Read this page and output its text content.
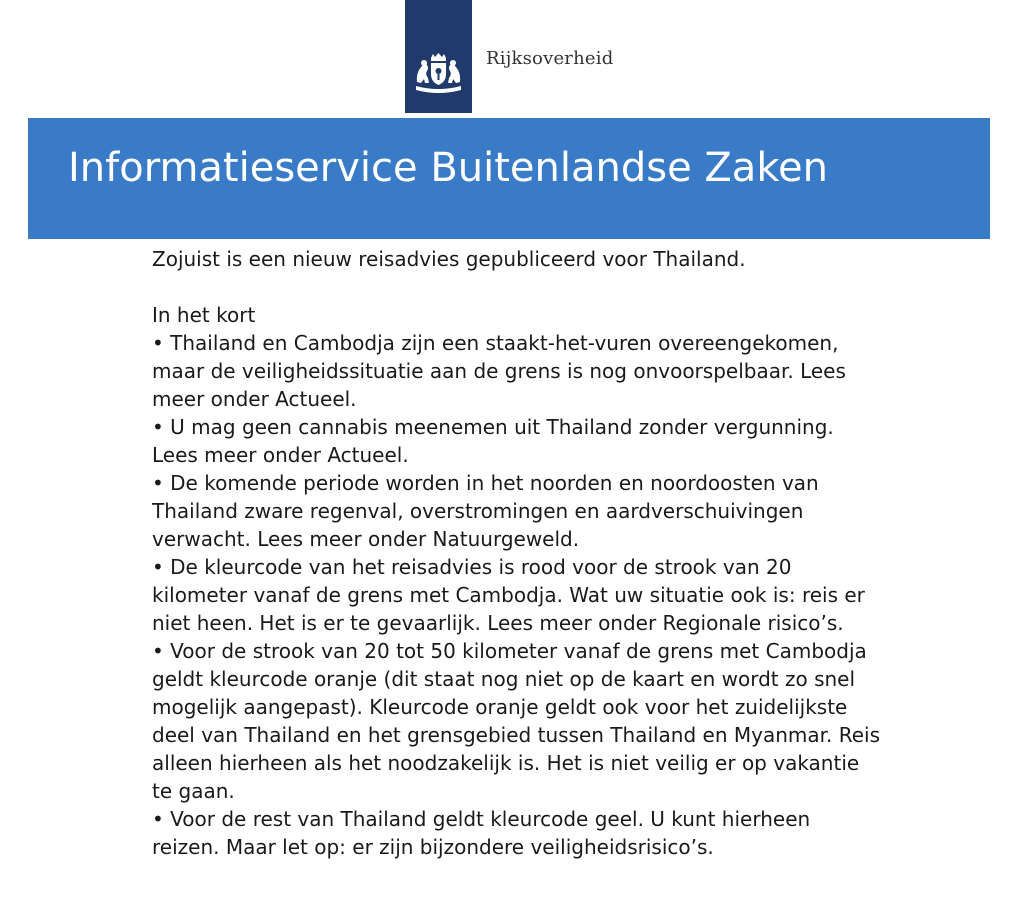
Rijksoverheid
Informatieservice Buitenlandse Zaken

Zojuist is een nieuw reisadvies gepubliceerd voor Thailand.

In het kort

• Thailand en Cambodja zijn een staakt-het-vuren overeengekomen, maar de veiligheidssituatie aan de grens is nog onvoorspelbaar. Lees meer onder Actueel.
• U mag geen cannabis meenemen uit Thailand zonder vergunning. Lees meer onder Actueel.
• De komende periode worden in het noorden en noordoosten van Thailand zware regenval, overstromingen en aardverschuivingen verwacht. Lees meer onder Natuurgeweld.
• De kleurcode van het reisadvies is rood voor de strook van 20 kilometer vanaf de grens met Cambodja. Wat uw situatie ook is: reis er niet heen. Het is er te gevaarlijk. Lees meer onder Regionale risico’s.
• Voor de strook van 20 tot 50 kilometer vanaf de grens met Cambodja geldt kleurcode oranje (dit staat nog niet op de kaart en wordt zo snel mogelijk aangepast). Kleurcode oranje geldt ook voor het zuidelijkste deel van Thailand en het grensgebied tussen Thailand en Myanmar. Reis alleen hierheen als het noodzakelijk is. Het is niet veilig er op vakantie te gaan.
• Voor de rest van Thailand geldt kleurcode geel. U kunt hierheen reizen. Maar let op: er zijn bijzondere veiligheidsrisico’s.
